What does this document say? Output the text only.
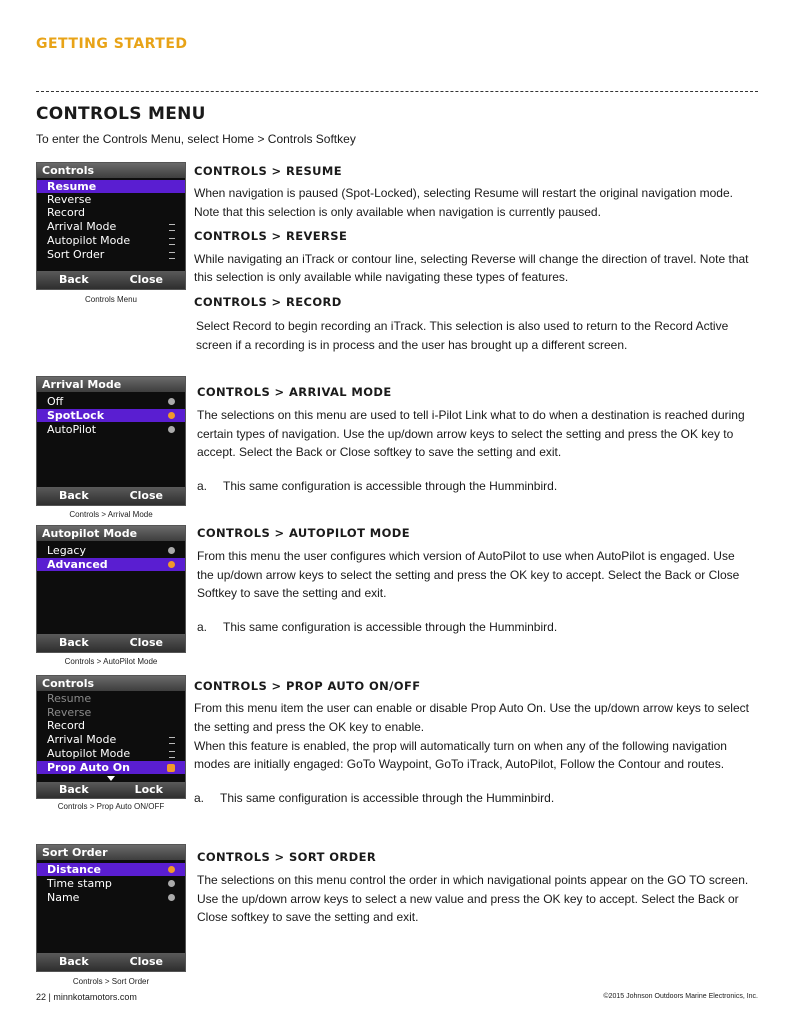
GETTING STARTED
CONTROLS MENU
To enter the Controls Menu, select Home > Controls Softkey
Controls
Resume
Reverse
Record
Arrival Mode
Autopilot Mode
Sort Order
Back	Close
Controls Menu
CONTROLS > RESUME
When navigation is paused (Spot-Locked), selecting Resume will restart the original navigation mode.
Note that this selection is only available when navigation is currently paused.
CONTROLS > REVERSE
While navigating an iTrack or contour line, selecting Reverse will change the direction of travel. Note that
this selection is only available while navigating these types of features.
CONTROLS > RECORD
Select Record to begin recording an iTrack. This selection is also used to return to the Record Active
screen if a recording is in process and the user has brought up a different screen.
Arrival Mode
Off
SpotLock
AutoPilot
Back	Close
Controls > Arrival Mode
CONTROLS > ARRIVAL MODE
The selections on this menu are used to tell i-Pilot Link what to do when a destination is reached during
certain types of navigation. Use the up/down arrow keys to select the setting and press the OK key to
accept. Select the Back or Close softkey to save the setting and exit.
a. This same configuration is accessible through the Humminbird.
Autopilot Mode
Legacy
Advanced
Back	Close
Controls > AutoPilot Mode
CONTROLS > AUTOPILOT MODE
From this menu the user configures which version of AutoPilot to use when AutoPilot is engaged. Use
the up/down arrow keys to select the setting and press the OK key to accept. Select the Back or Close
Softkey to save the setting and exit.
a. This same configuration is accessible through the Humminbird.
Controls
Resume
Reverse
Record
Arrival Mode
Autopilot Mode
Prop Auto On
Back	Lock
Controls > Prop Auto ON/OFF
CONTROLS > PROP AUTO ON/OFF
From this menu item the user can enable or disable Prop Auto On. Use the up/down arrow keys to select
the setting and press the OK key to enable.
When this feature is enabled, the prop will automatically turn on when any of the following navigation
modes are initially engaged: GoTo Waypoint, GoTo iTrack, AutoPilot, Follow the Contour and routes.
a. This same configuration is accessible through the Humminbird.
Sort Order
Distance
Time stamp
Name
Back	Close
Controls > Sort Order
CONTROLS > SORT ORDER
The selections on this menu control the order in which navigational points appear on the GO TO screen.
Use the up/down arrow keys to select a new value and press the OK key to accept. Select the Back or
Close softkey to save the setting and exit.
22 | minnkotamotors.com	©2015 Johnson Outdoors Marine Electronics, Inc.
